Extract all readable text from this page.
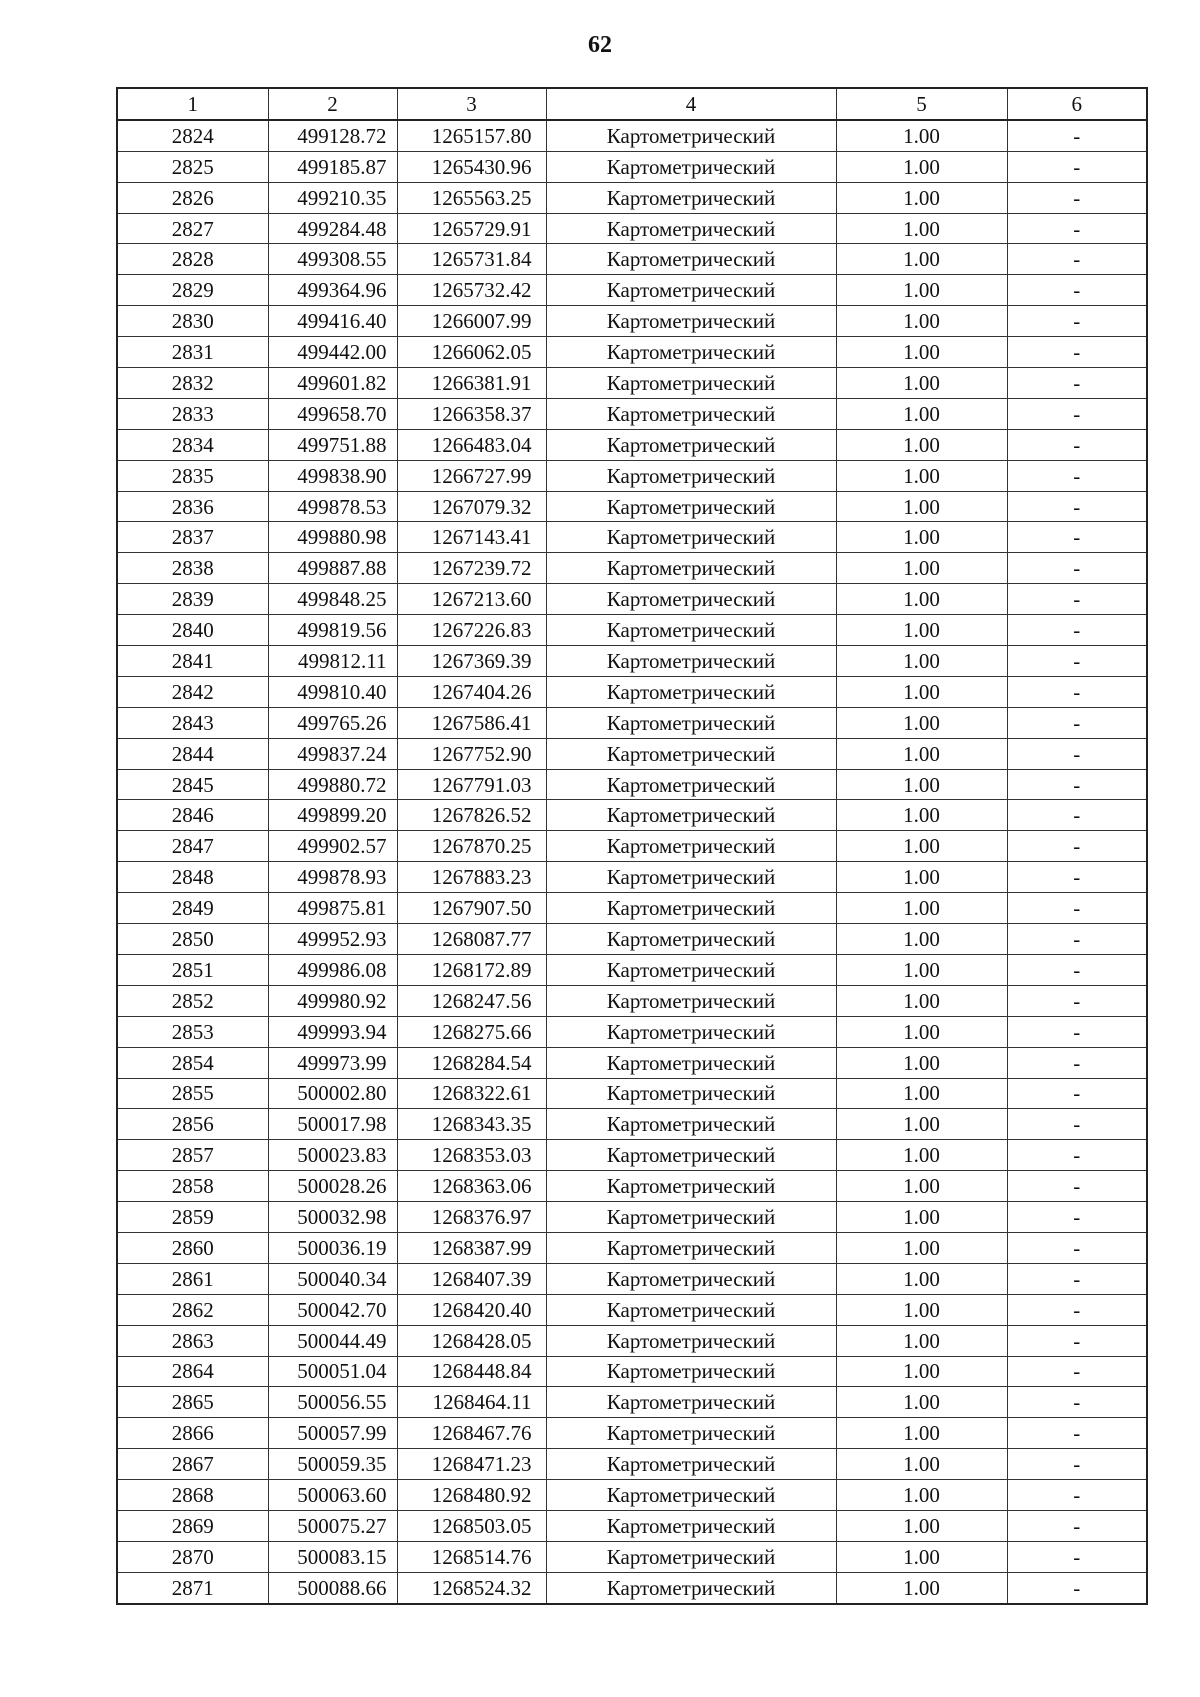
62
1	2	3	4	5	6
2824	499128.72	1265157.80	Картометрический	1.00	-
2825	499185.87	1265430.96	Картометрический	1.00	-
2826	499210.35	1265563.25	Картометрический	1.00	-
2827	499284.48	1265729.91	Картометрический	1.00	-
2828	499308.55	1265731.84	Картометрический	1.00	-
2829	499364.96	1265732.42	Картометрический	1.00	-
2830	499416.40	1266007.99	Картометрический	1.00	-
2831	499442.00	1266062.05	Картометрический	1.00	-
2832	499601.82	1266381.91	Картометрический	1.00	-
2833	499658.70	1266358.37	Картометрический	1.00	-
2834	499751.88	1266483.04	Картометрический	1.00	-
2835	499838.90	1266727.99	Картометрический	1.00	-
2836	499878.53	1267079.32	Картометрический	1.00	-
2837	499880.98	1267143.41	Картометрический	1.00	-
2838	499887.88	1267239.72	Картометрический	1.00	-
2839	499848.25	1267213.60	Картометрический	1.00	-
2840	499819.56	1267226.83	Картометрический	1.00	-
2841	499812.11	1267369.39	Картометрический	1.00	-
2842	499810.40	1267404.26	Картометрический	1.00	-
2843	499765.26	1267586.41	Картометрический	1.00	-
2844	499837.24	1267752.90	Картометрический	1.00	-
2845	499880.72	1267791.03	Картометрический	1.00	-
2846	499899.20	1267826.52	Картометрический	1.00	-
2847	499902.57	1267870.25	Картометрический	1.00	-
2848	499878.93	1267883.23	Картометрический	1.00	-
2849	499875.81	1267907.50	Картометрический	1.00	-
2850	499952.93	1268087.77	Картометрический	1.00	-
2851	499986.08	1268172.89	Картометрический	1.00	-
2852	499980.92	1268247.56	Картометрический	1.00	-
2853	499993.94	1268275.66	Картометрический	1.00	-
2854	499973.99	1268284.54	Картометрический	1.00	-
2855	500002.80	1268322.61	Картометрический	1.00	-
2856	500017.98	1268343.35	Картометрический	1.00	-
2857	500023.83	1268353.03	Картометрический	1.00	-
2858	500028.26	1268363.06	Картометрический	1.00	-
2859	500032.98	1268376.97	Картометрический	1.00	-
2860	500036.19	1268387.99	Картометрический	1.00	-
2861	500040.34	1268407.39	Картометрический	1.00	-
2862	500042.70	1268420.40	Картометрический	1.00	-
2863	500044.49	1268428.05	Картометрический	1.00	-
2864	500051.04	1268448.84	Картометрический	1.00	-
2865	500056.55	1268464.11	Картометрический	1.00	-
2866	500057.99	1268467.76	Картометрический	1.00	-
2867	500059.35	1268471.23	Картометрический	1.00	-
2868	500063.60	1268480.92	Картометрический	1.00	-
2869	500075.27	1268503.05	Картометрический	1.00	-
2870	500083.15	1268514.76	Картометрический	1.00	-
2871	500088.66	1268524.32	Картометрический	1.00	-
